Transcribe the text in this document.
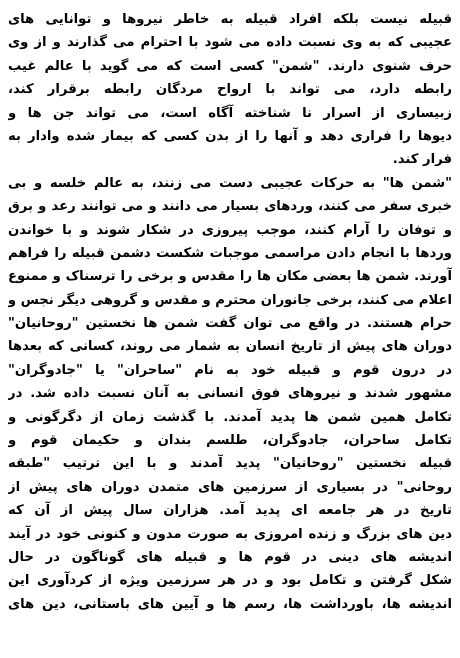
قبیله نیست بلکه افراد قبیله به خاطر نیروها و توانایی های
عجیبی که به وی نسبت داده می شود با احترام می گذارند و از وی
حرف شنوی دارند. "شمن" کسی است که می گوید با عالم غیب
رابطه دارد، می تواند با ارواح مردگان رابطه برقرار کند،
زبیساری از اسرار نا شناخته آگاه است، می تواند جن ها و
دیوها را فراری دهد و آنها را از بدن کسی که بیمار شده وادار به
فرار کند.
"شمن ها" به حرکات عجیبی دست می زنند، به عالم خلسه و بی
خبری سفر می کنند، وردهای بسیار می دانند و می توانند رعد و برق
و توفان را آرام کنند، موجب پیروزی در شکار شوند و با خواندن
وردها با انجام دادن مراسمی موجبات شکست دشمن قبیله را فراهم
آورند. شمن ها بعضی مکان ها را مقدس و برخی را ترسناک و ممنوع
اعلام می کنند، برخی جانوران محترم و مقدس و گروهی دیگر نجس و
حرام هستند. در واقع می توان گفت شمن ها نخستین "روحانیان"
دوران های پیش از تاریخ انسان به شمار می روند، کسانی که بعدها
در درون قوم و قبیله خود به نام "ساحران" یا "جادوگران"
مشهور شدند و نیروهای فوق انسانی به آنان نسبت داده شد. در
تکامل همین شمن ها پدید آمدند. با گذشت زمان از دگرگونی و
تکامل ساحران، جادوگران، طلسم بندان و حکیمان قوم و
قبیله نخستین "روحانیان" پدید آمدند و با این ترتیب "طبقه
روحانی" در بسیاری از سرزمین های متمدن دوران های پیش از
تاریخ در هر جامعه ای پدید آمد. هزاران سال پیش از آن که
دین های بزرگ و زنده امروزی به صورت مدون و کنونی خود در آیند
اندیشه های دینی در قوم ها و قبیله های گوناگون در حال
شکل گرفتن و تکامل بود و در هر سرزمین ویژه از کردآوری این
اندیشه ها، باورداشت ها، رسم ها و آیین های باستانی، دین های
